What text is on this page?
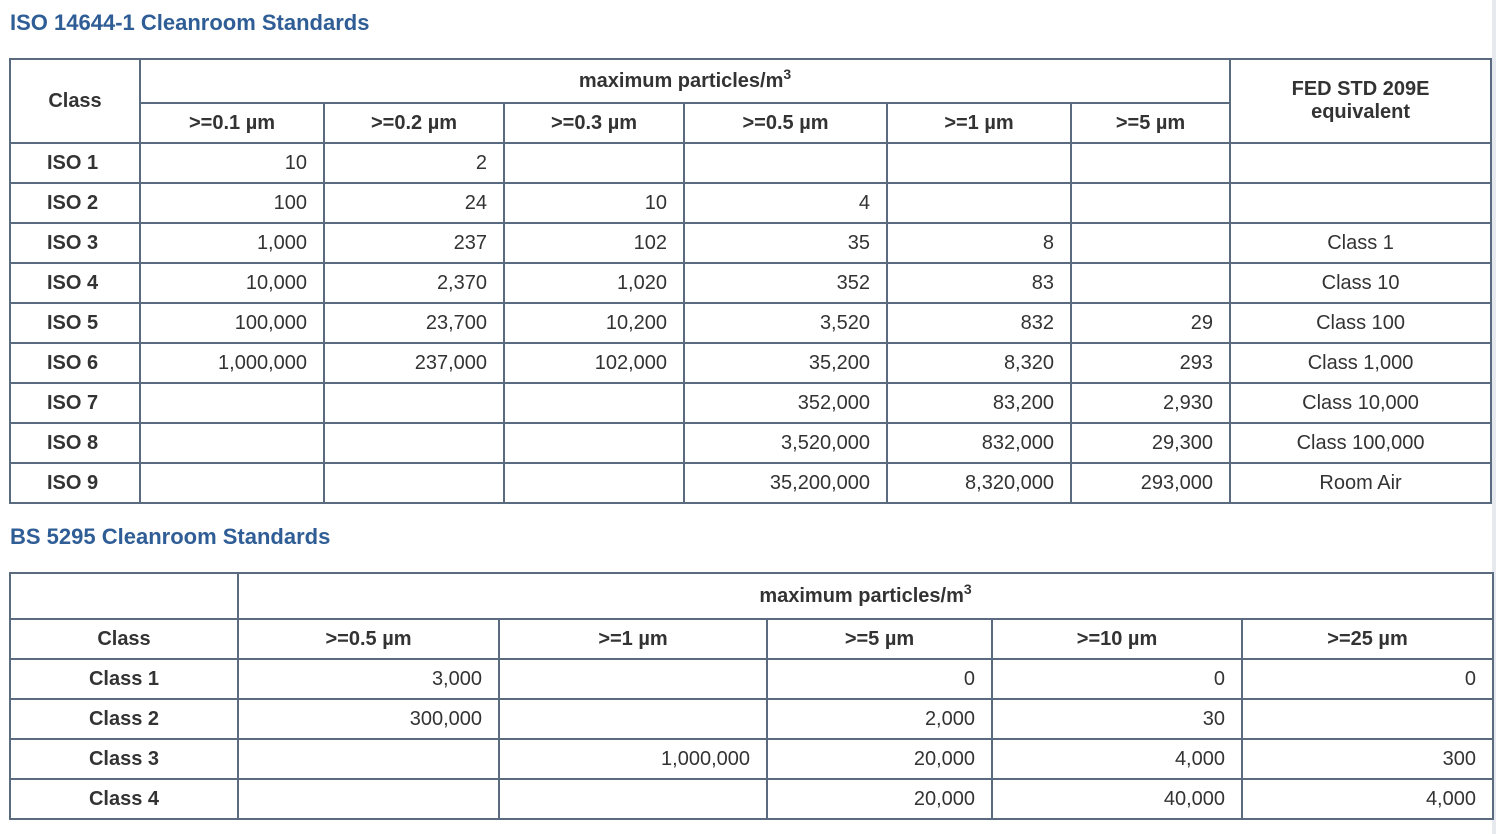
ISO 14644-1 Cleanroom Standards
Class	maximum particles/$m^3$						FED STD 209E
equivalent
	>=0.1 µm	>=0.2 µm	>=0.3 µm	>=0.5 µm	>=1 µm	>=5 µm	
ISO 1	10	2					
ISO 2	100	24	10	4			
ISO 3	1,000	237	102	35	8		Class 1
ISO 4	10,000	2,370	1,020	352	83		Class 10
ISO 5	100,000	23,700	10,200	3,520	832	29	Class 100
ISO 6	1,000,000	237,000	102,000	35,200	8,320	293	Class 1,000
ISO 7				352,000	83,200	2,930	Class 10,000
ISO 8				3,520,000	832,000	29,300	Class 100,000
ISO 9				35,200,000	8,320,000	293,000	Room Air
BS 5295 Cleanroom Standards
	maximum particles/$m^3$
Class	>=0.5 µm	>=1 µm	>=5 µm	>=10 µm	>=25 µm
Class 1	3,000		0	0	0
Class 2	300,000		2,000	30	
Class 3		1,000,000	20,000	4,000	300
Class 4			20,000	40,000	4,000
